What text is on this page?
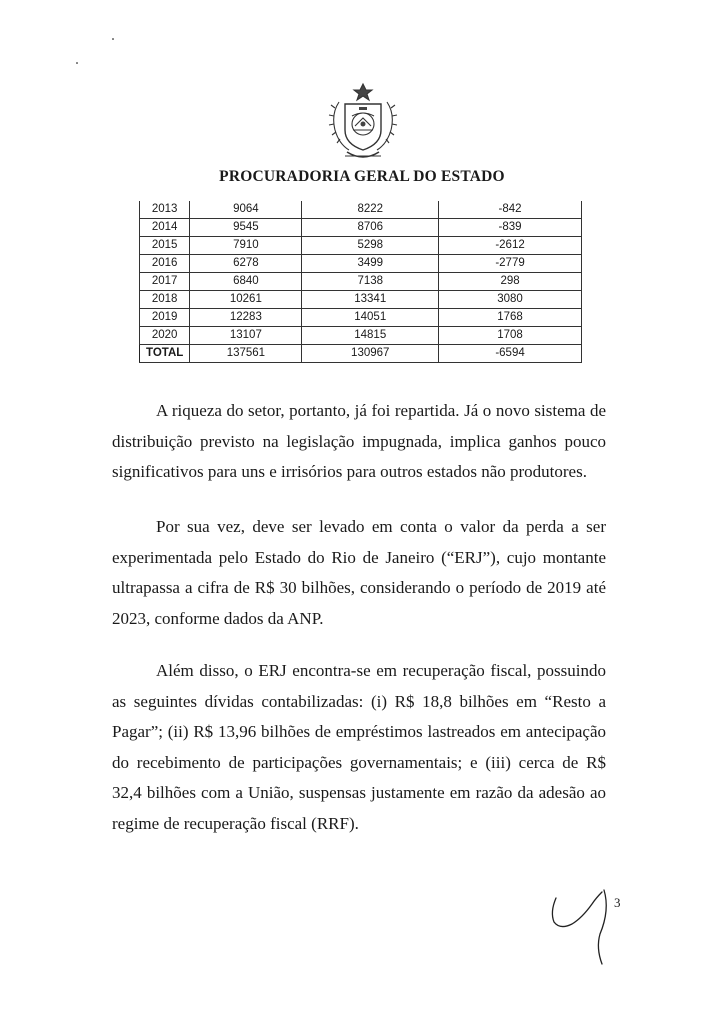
PROCURADORIA GERAL DO ESTADO
2013	9064	8222	-842
2014	9545	8706	-839
2015	7910	5298	-2612
2016	6278	3499	-2779
2017	6840	7138	298
2018	10261	13341	3080
2019	12283	14051	1768
2020	13107	14815	1708
TOTAL	137561	130967	-6594

A riqueza do setor, portanto, já foi repartida. Já o novo sistema de distribuição previsto na legislação impugnada, implica ganhos pouco significativos para uns e irrisórios para outros estados não produtores.

Por sua vez, deve ser levado em conta o valor da perda a ser experimentada pelo Estado do Rio de Janeiro (“ERJ”), cujo montante ultrapassa a cifra de R$ 30 bilhões, considerando o período de 2019 até 2023, conforme dados da ANP.

Além disso, o ERJ encontra-se em recuperação fiscal, possuindo as seguintes dívidas contabilizadas: (i) R$ 18,8 bilhões em “Resto a Pagar”; (ii) R$ 13,96 bilhões de empréstimos lastreados em antecipação do recebimento de participações governamentais; e (iii) cerca de R$ 32,4 bilhões com a União, suspensas justamente em razão da adesão ao regime de recuperação fiscal (RRF).

3
